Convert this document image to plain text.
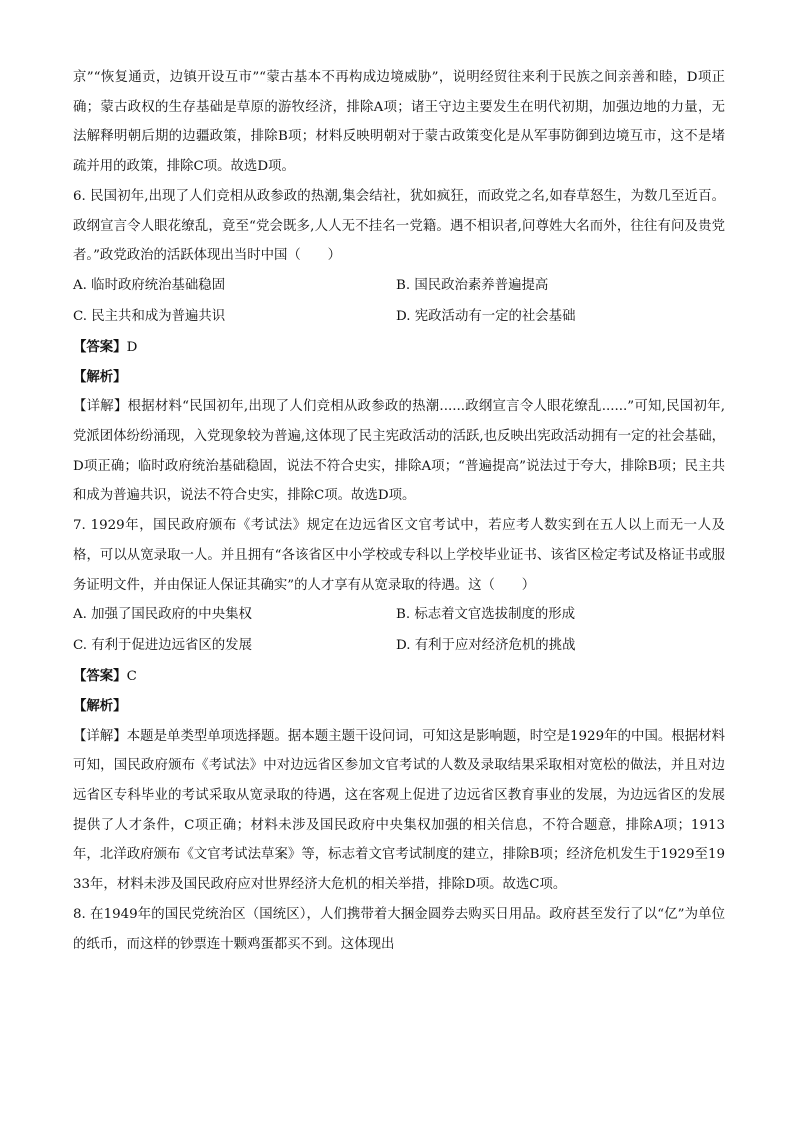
京”“恢复通贡，边镇开设互市”“蒙古基本不再构成边境威胁”，说明经贸往来利于民族之间亲善和睦，D项正确；蒙古政权的生存基础是草原的游牧经济，排除A项；诸王守边主要发生在明代初期，加强边地的力量，无法解释明朝后期的边疆政策，排除B项；材料反映明朝对于蒙古政策变化是从军事防御到边境互市，这不是堵疏并用的政策，排除C项。故选D项。

6. 民国初年,出现了人们竞相从政参政的热潮,集会结社，犹如疯狂，而政党之名,如春草怒生，为数几至近百。政纲宣言令人眼花缭乱，竟至“党会既多,人人无不挂名一党籍。遇不相识者,问尊姓大名而外，往往有问及贵党者。”政党政治的活跃体现出当时中国（　　）

A. 临时政府统治基础稳固	B. 国民政治素养普遍提高
C. 民主共和成为普遍共识	D. 宪政活动有一定的社会基础

【答案】D

【解析】

【详解】根据材料“民国初年,出现了人们竞相从政参政的热潮......政纲宣言令人眼花缭乱......”可知,民国初年,党派团体纷纷涌现，入党现象较为普遍,这体现了民主宪政活动的活跃,也反映出宪政活动拥有一定的社会基础，D项正确；临时政府统治基础稳固，说法不符合史实，排除A项；“普遍提高”说法过于夸大，排除B项；民主共和成为普遍共识，说法不符合史实，排除C项。故选D项。

7. 1929年，国民政府颁布《考试法》规定在边远省区文官考试中，若应考人数实到在五人以上而无一人及格，可以从宽录取一人。并且拥有“各该省区中小学校或专科以上学校毕业证书、该省区检定考试及格证书或服务证明文件，并由保证人保证其确实”的人才享有从宽录取的待遇。这（　　）

A. 加强了国民政府的中央集权	B. 标志着文官选拔制度的形成
C. 有利于促进边远省区的发展	D. 有利于应对经济危机的挑战

【答案】C

【解析】

【详解】本题是单类型单项选择题。据本题主题干设问词，可知这是影响题，时空是1929年的中国。根据材料可知，国民政府颁布《考试法》中对边远省区参加文官考试的人数及录取结果采取相对宽松的做法，并且对边远省区专科毕业的考试采取从宽录取的待遇，这在客观上促进了边远省区教育事业的发展，为边远省区的发展提供了人才条件，C项正确；材料未涉及国民政府中央集权加强的相关信息，不符合题意，排除A项；1913年，北洋政府颁布《文官考试法草案》等，标志着文官考试制度的建立，排除B项；经济危机发生于1929至1933年，材料未涉及国民政府应对世界经济大危机的相关举措，排除D项。故选C项。

8. 在1949年的国民党统治区（国统区），人们携带着大捆金圆券去购买日用品。政府甚至发行了以“亿”为单位的纸币，而这样的钞票连十颗鸡蛋都买不到。这体现出
